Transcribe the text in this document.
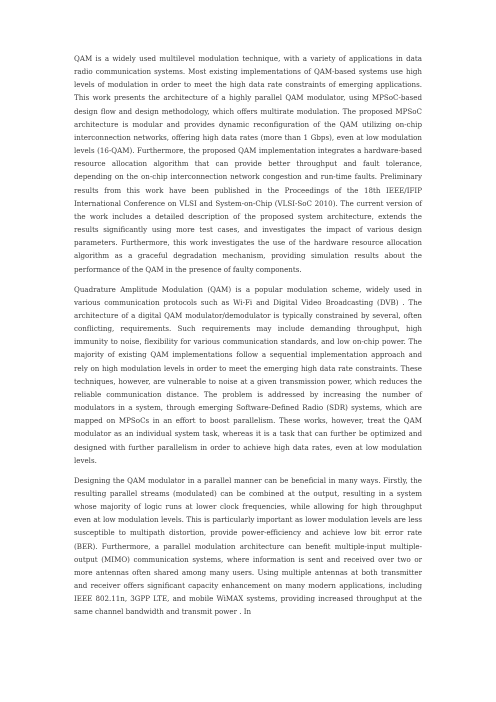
QAM is a widely used multilevel modulation technique, with a variety of applications in data radio communication systems. Most existing implementations of QAM-based systems use high levels of modulation in order to meet the high data rate constraints of emerging applications. This work presents the architecture of a highly parallel QAM modulator, using MPSoC-based design flow and design methodology, which offers multirate modulation. The proposed MPSoC architecture is modular and provides dynamic reconfiguration of the QAM utilizing on-chip interconnection networks, offering high data rates (more than 1 Gbps), even at low modulation levels (16-QAM). Furthermore, the proposed QAM implementation integrates a hardware-based resource allocation algorithm that can provide better throughput and fault tolerance, depending on the on-chip interconnection network congestion and run-time faults. Preliminary results from this work have been published in the Proceedings of the 18th IEEE/IFIP International Conference on VLSI and System-on-Chip (VLSI-SoC 2010). The current version of the work includes a detailed description of the proposed system architecture, extends the results significantly using more test cases, and investigates the impact of various design parameters. Furthermore, this work investigates the use of the hardware resource allocation algorithm as a graceful degradation mechanism, providing simulation results about the performance of the QAM in the presence of faulty components.

Quadrature Amplitude Modulation (QAM) is a popular modulation scheme, widely used in various communication protocols such as Wi-Fi and Digital Video Broadcasting (DVB) . The architecture of a digital QAM modulator/demodulator is typically constrained by several, often conflicting, requirements. Such requirements may include demanding throughput, high immunity to noise, flexibility for various communication standards, and low on-chip power. The majority of existing QAM implementations follow a sequential implementation approach and rely on high modulation levels in order to meet the emerging high data rate constraints. These techniques, however, are vulnerable to noise at a given transmission power, which reduces the reliable communication distance. The problem is addressed by increasing the number of modulators in a system, through emerging Software-Defined Radio (SDR) systems, which are mapped on MPSoCs in an effort to boost parallelism. These works, however, treat the QAM modulator as an individual system task, whereas it is a task that can further be optimized and designed with further parallelism in order to achieve high data rates, even at low modulation levels.

Designing the QAM modulator in a parallel manner can be beneficial in many ways. Firstly, the resulting parallel streams (modulated) can be combined at the output, resulting in a system whose majority of logic runs at lower clock frequencies, while allowing for high throughput even at low modulation levels. This is particularly important as lower modulation levels are less susceptible to multipath distortion, provide power-efficiency and achieve low bit error rate (BER). Furthermore, a parallel modulation architecture can benefit multiple-input multiple-output (MIMO) communication systems, where information is sent and received over two or more antennas often shared among many users. Using multiple antennas at both transmitter and receiver offers significant capacity enhancement on many modern applications, including IEEE 802.11n, 3GPP LTE, and mobile WiMAX systems, providing increased throughput at the same channel bandwidth and transmit power . In
